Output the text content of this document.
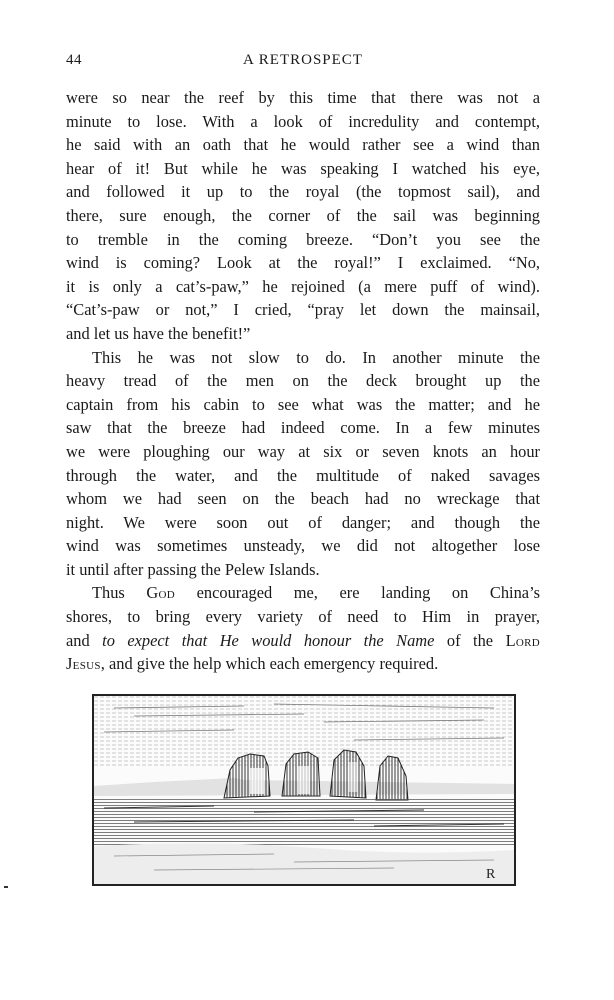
44	A RETROSPECT
were so near the reef by this time that there was not a
minute to lose. With a look of incredulity and contempt,
he said with an oath that he would rather see a wind than
hear of it! But while he was speaking I watched his eye,
and followed it up to the royal (the topmost sail), and
there, sure enough, the corner of the sail was beginning
to tremble in the coming breeze. “Don’t you see the
wind is coming? Look at the royal!” I exclaimed. “No,
it is only a cat’s-paw,” he rejoined (a mere puff of wind).
“Cat’s-paw or not,” I cried, “pray let down the mainsail,
and let us have the benefit!”
This he was not slow to do. In another minute the
heavy tread of the men on the deck brought up the
captain from his cabin to see what was the matter; and he
saw that the breeze had indeed come. In a few minutes
we were ploughing our way at six or seven knots an hour
through the water, and the multitude of naked savages
whom we had seen on the beach had no wreckage that
night. We were soon out of danger; and though the
wind was sometimes unsteady, we did not altogether lose
it until after passing the Pelew Islands.
Thus God encouraged me, ere landing on China’s
shores, to bring every variety of need to Him in prayer,
and to expect that He would honour the Name of the Lord
Jesus, and give the help which each emergency required.
R
